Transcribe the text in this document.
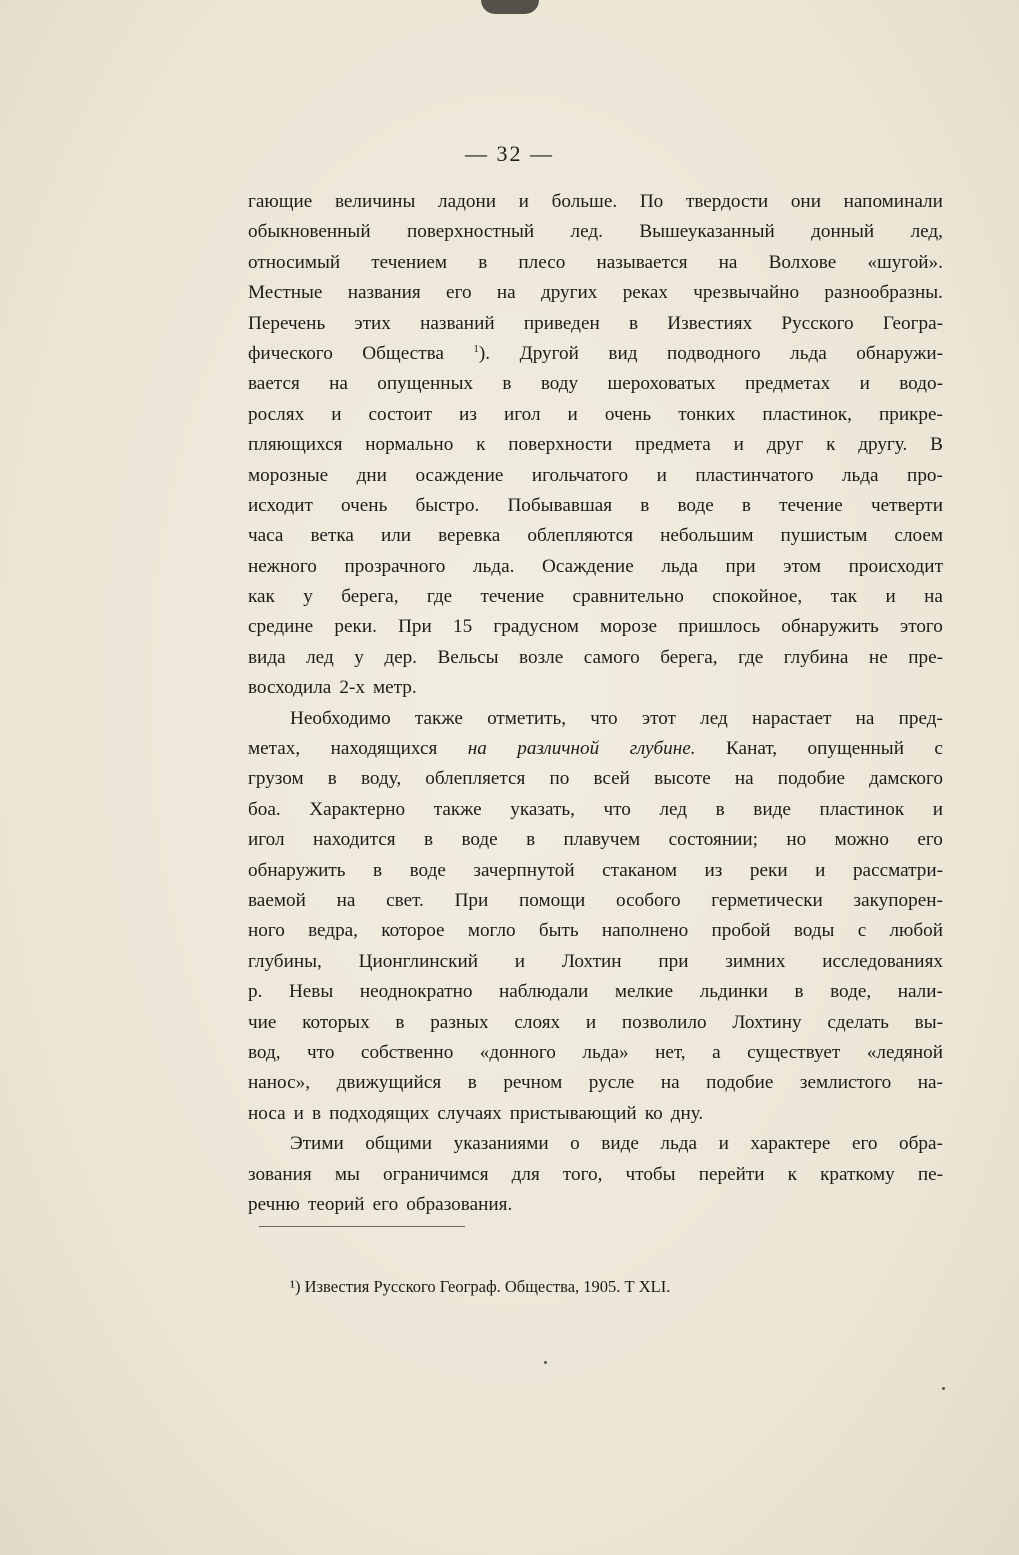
— 32 —
гающие величины ладони и больше. По твердости они напоминали
обыкновенный поверхностный лед. Вышеуказанный донный лед,
относимый течением в плесо называется на Волхове «шугой».
Местные названия его на других реках чрезвычайно разнообразны.
Перечень этих названий приведен в Известиях Русского Геогра-
фического Общества	$^1$). Другой вид подводного льда обнаружи-
вается на опущенных в воду шероховатых предметах и водо-
рослях и состоит из игол и очень тонких пластинок, прикре-
пляющихся нормально к поверхности предмета и друг к другу. В
морозные дни осаждение игольчатого и пластинчатого льда про-
исходит очень быстро. Побывавшая в воде в течение четверти
часа ветка или веревка облепляются небольшим пушистым слоем
нежного прозрачного льда. Осаждение льда при этом происходит
как у берега, где течение сравнительно спокойное, так и на
средине реки. При 15 градусном морозе пришлось обнаружить этого
вида лед у дер. Вельсы возле самого берега, где глубина не пре-
восходила 2-х метр.
Необходимо также отметить, что этот лед нарастает на пред-
метах, находящихся на различной глубине. Канат, опущенный с
грузом в воду, облепляется по всей высоте на подобие дамского
боа. Характерно также указать, что лед в виде пластинок и
игол находится в воде в плавучем состоянии; но можно его
обнаружить в воде зачерпнутой стаканом из реки и рассматри-
ваемой на свет. При помощи особого герметически закупорен-
ного ведра, которое могло быть наполнено пробой воды с любой
глубины, Ционглинский и Лохтин при зимних исследованиях
р. Невы неоднократно наблюдали мелкие льдинки в воде, нали-
чие которых в разных слоях и позволило Лохтину сделать вы-
вод, что собственно «донного льда» нет, а существует «ледяной
нанос», движущийся в речном русле на подобие землистого на-
носа и в подходящих случаях пристывающий ко дну.
Этими общими указаниями о виде льда и характере его обра-
зования мы ограничимся для того, чтобы перейти к краткому пе-
речню теорий его образования.
¹) Известия Русского Географ. Общества, 1905. Т XLI.
